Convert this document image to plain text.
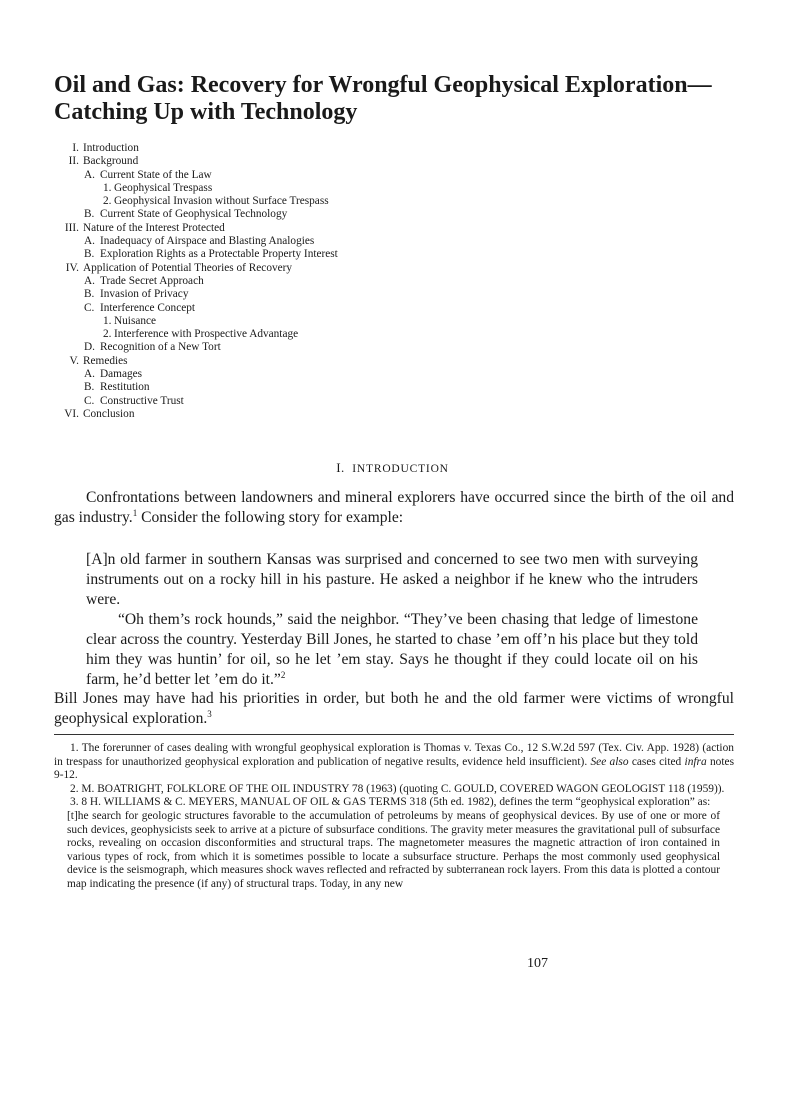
Oil and Gas: Recovery for Wrongful Geophysical Exploration—Catching Up with Technology
I. Introduction
II. Background
A. Current State of the Law
1. Geophysical Trespass
2. Geophysical Invasion without Surface Trespass
B. Current State of Geophysical Technology
III. Nature of the Interest Protected
A. Inadequacy of Airspace and Blasting Analogies
B. Exploration Rights as a Protectable Property Interest
IV. Application of Potential Theories of Recovery
A. Trade Secret Approach
B. Invasion of Privacy
C. Interference Concept
1. Nuisance
2. Interference with Prospective Advantage
D. Recognition of a New Tort
V. Remedies
A. Damages
B. Restitution
C. Constructive Trust
VI. Conclusion
I. INTRODUCTION
Confrontations between landowners and mineral explorers have occurred since the birth of the oil and gas industry.$^1$ Consider the following story for example:

[A]n old farmer in southern Kansas was surprised and concerned to see two men with surveying instruments out on a rocky hill in his pasture. He asked a neighbor if he knew who the intruders were.

“Oh them’s rock hounds,” said the neighbor. “They’ve been chasing that ledge of limestone clear across the country. Yesterday Bill Jones, he started to chase ’em off’n his place but they told him they was huntin’ for oil, so he let ’em stay. Says he thought if they could locate oil on his farm, he’d better let ’em do it.”$^2$

Bill Jones may have had his priorities in order, but both he and the old farmer were victims of wrongful geophysical exploration.$^3$

1. The forerunner of cases dealing with wrongful geophysical exploration is Thomas v. Texas Co., 12 S.W.2d 597 (Tex. Civ. App. 1928) (action in trespass for unauthorized geophysical exploration and publication of negative results, evidence held insufficient). See also cases cited infra notes 9-12.

2. M. BOATRIGHT, FOLKLORE OF THE OIL INDUSTRY 78 (1963) (quoting C. GOULD, COVERED WAGON GEOLOGIST 118 (1959)).

3. 8 H. WILLIAMS & C. MEYERS, MANUAL OF OIL & GAS TERMS 318 (5th ed. 1982), defines the term “geophysical exploration” as:

[t]he search for geologic structures favorable to the accumulation of petroleums by means of geophysical devices. By use of one or more of such devices, geophysicists seek to arrive at a picture of subsurface conditions. The gravity meter measures the gravitational pull of subsurface rocks, revealing on occasion disconformities and structural traps. The magnetometer measures the magnetic attraction of iron contained in various types of rock, from which it is sometimes possible to locate a subsurface structure. Perhaps the most commonly used geophysical device is the seismograph, which measures shock waves reflected and refracted by subterranean rock layers. From this data is plotted a contour map indicating the presence (if any) of structural traps. Today, in any new

107
